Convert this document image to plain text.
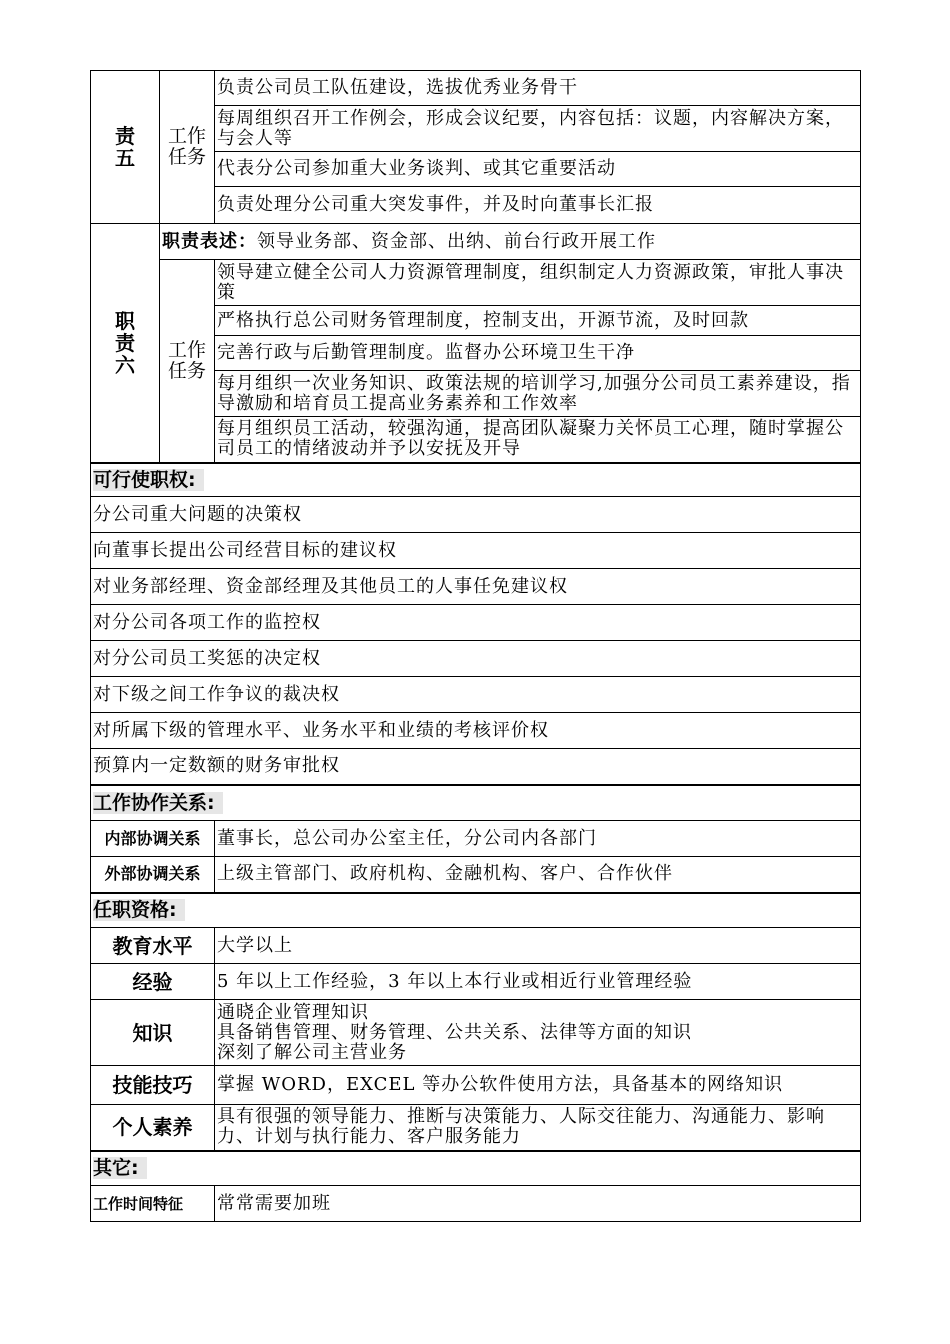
责五	工作任务	负责公司员工队伍建设，选拔优秀业务骨干
		每周组织召开工作例会，形成会议纪要，内容包括：议题，内容解决方案，与会人等
		代表分公司参加重大业务谈判、或其它重要活动
		负责处理分公司重大突发事件，并及时向董事长汇报
职责六	职责表述：领导业务部、资金部、出纳、前台行政开展工作	
	工作任务	领导建立健全公司人力资源管理制度，组织制定人力资源政策，审批人事决策
		严格执行总公司财务管理制度，控制支出，开源节流，及时回款
		完善行政与后勤管理制度。监督办公环境卫生干净
		每月组织一次业务知识、政策法规的培训学习,加强分公司员工素养建设，指导激励和培育员工提高业务素养和工作效率
		每月组织员工活动，较强沟通，提高团队凝聚力关怀员工心理，随时掌握公司员工的情绪波动并予以安抚及开导
可行使职权:		
分公司重大问题的决策权		
向董事长提出公司经营目标的建议权		
对业务部经理、资金部经理及其他员工的人事任免建议权		
对分公司各项工作的监控权		
对分公司员工奖惩的决定权		
对下级之间工作争议的裁决权		
对所属下级的管理水平、业务水平和业绩的考核评价权		
预算内一定数额的财务审批权		
工作协作关系:		
内部协调关系		董事长，总公司办公室主任，分公司内各部门
外部协调关系		上级主管部门、政府机构、金融机构、客户、合作伙伴
任职资格:		
教育水平		大学以上
经验		5 年以上工作经验，3 年以上本行业或相近行业管理经验
知识		通晓企业管理知识
具备销售管理、财务管理、公共关系、法律等方面的知识
深刻了解公司主营业务

技能技巧		掌握 WORD，EXCEL 等办公软件使用方法，具备基本的网络知识
个人素养		具有很强的领导能力、推断与决策能力、人际交往能力、沟通能力、影响力、计划与执行能力、客户服务能力
其它:		
工作时间特征		常常需要加班
